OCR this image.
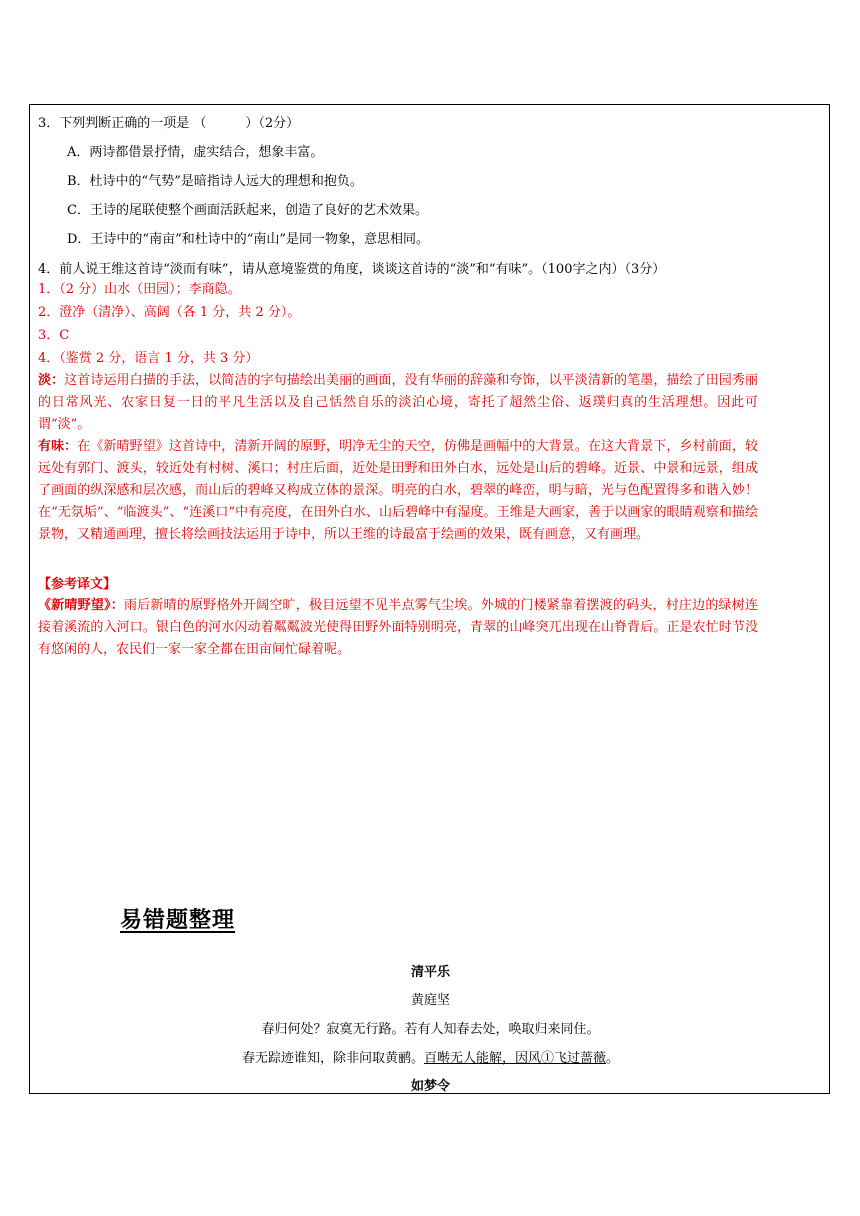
3．下列判断正确的一项是 （　　　）（2分）
A．两诗都借景抒情，虚实结合，想象丰富。
B．杜诗中的“气势”是暗指诗人远大的理想和抱负。
C．王诗的尾联使整个画面活跃起来，创造了良好的艺术效果。
D．王诗中的“南亩”和杜诗中的“南山”是同一物象，意思相同。
4．前人说王维这首诗“淡而有味”，请从意境鉴赏的角度，谈谈这首诗的“淡”和“有味”。（100字之内）（3分）
1．（2 分）山水（田园）；李商隐。
2．澄净（清净）、高阔（各 1 分，共 2 分）。
3．C
4．（鉴赏 2 分，语言 1 分，共 3 分）
淡：这首诗运用白描的手法，以简洁的字句描绘出美丽的画面，没有华丽的辞藻和夸饰，以平淡清新的笔墨，描绘了田园秀丽的日常风光、农家日复一日的平凡生活以及自己恬然自乐的淡泊心境，寄托了超然尘俗、返璞归真的生活理想。因此可谓“淡”。
有味：在《新晴野望》这首诗中，清新开阔的原野，明净无尘的天空，仿佛是画幅中的大背景。在这大背景下，乡村前面，较远处有郭门、渡头，较近处有村树、溪口；村庄后面，近处是田野和田外白水，远处是山后的碧峰。近景、中景和远景，组成了画面的纵深感和层次感，而山后的碧峰又构成立体的景深。明亮的白水，碧翠的峰峦，明与暗，光与色配置得多和谐入妙！在“无氛垢”、“临渡头”、“连溪口”中有亮度，在田外白水、山后碧峰中有湿度。王维是大画家，善于以画家的眼睛观察和描绘景物，又精通画理，擅长将绘画技法运用于诗中，所以王维的诗最富于绘画的效果，既有画意，又有画理。
【参考译文】
《新晴野望》：雨后新晴的原野格外开阔空旷，极目远望不见半点雾气尘埃。外城的门楼紧靠着摆渡的码头，村庄边的绿树连接着溪流的入河口。银白色的河水闪动着粼粼波光使得田野外面特别明亮，青翠的山峰突兀出现在山脊背后。正是农忙时节没有悠闲的人，农民们一家一家全都在田亩间忙碌着呢。
易错题整理
清平乐
黄庭坚
春归何处？寂寞无行路。若有人知春去处，唤取归来同住。
春无踪迹谁知，除非问取黄鹂。百啭无人能解，因风①飞过蔷薇。
如梦令
